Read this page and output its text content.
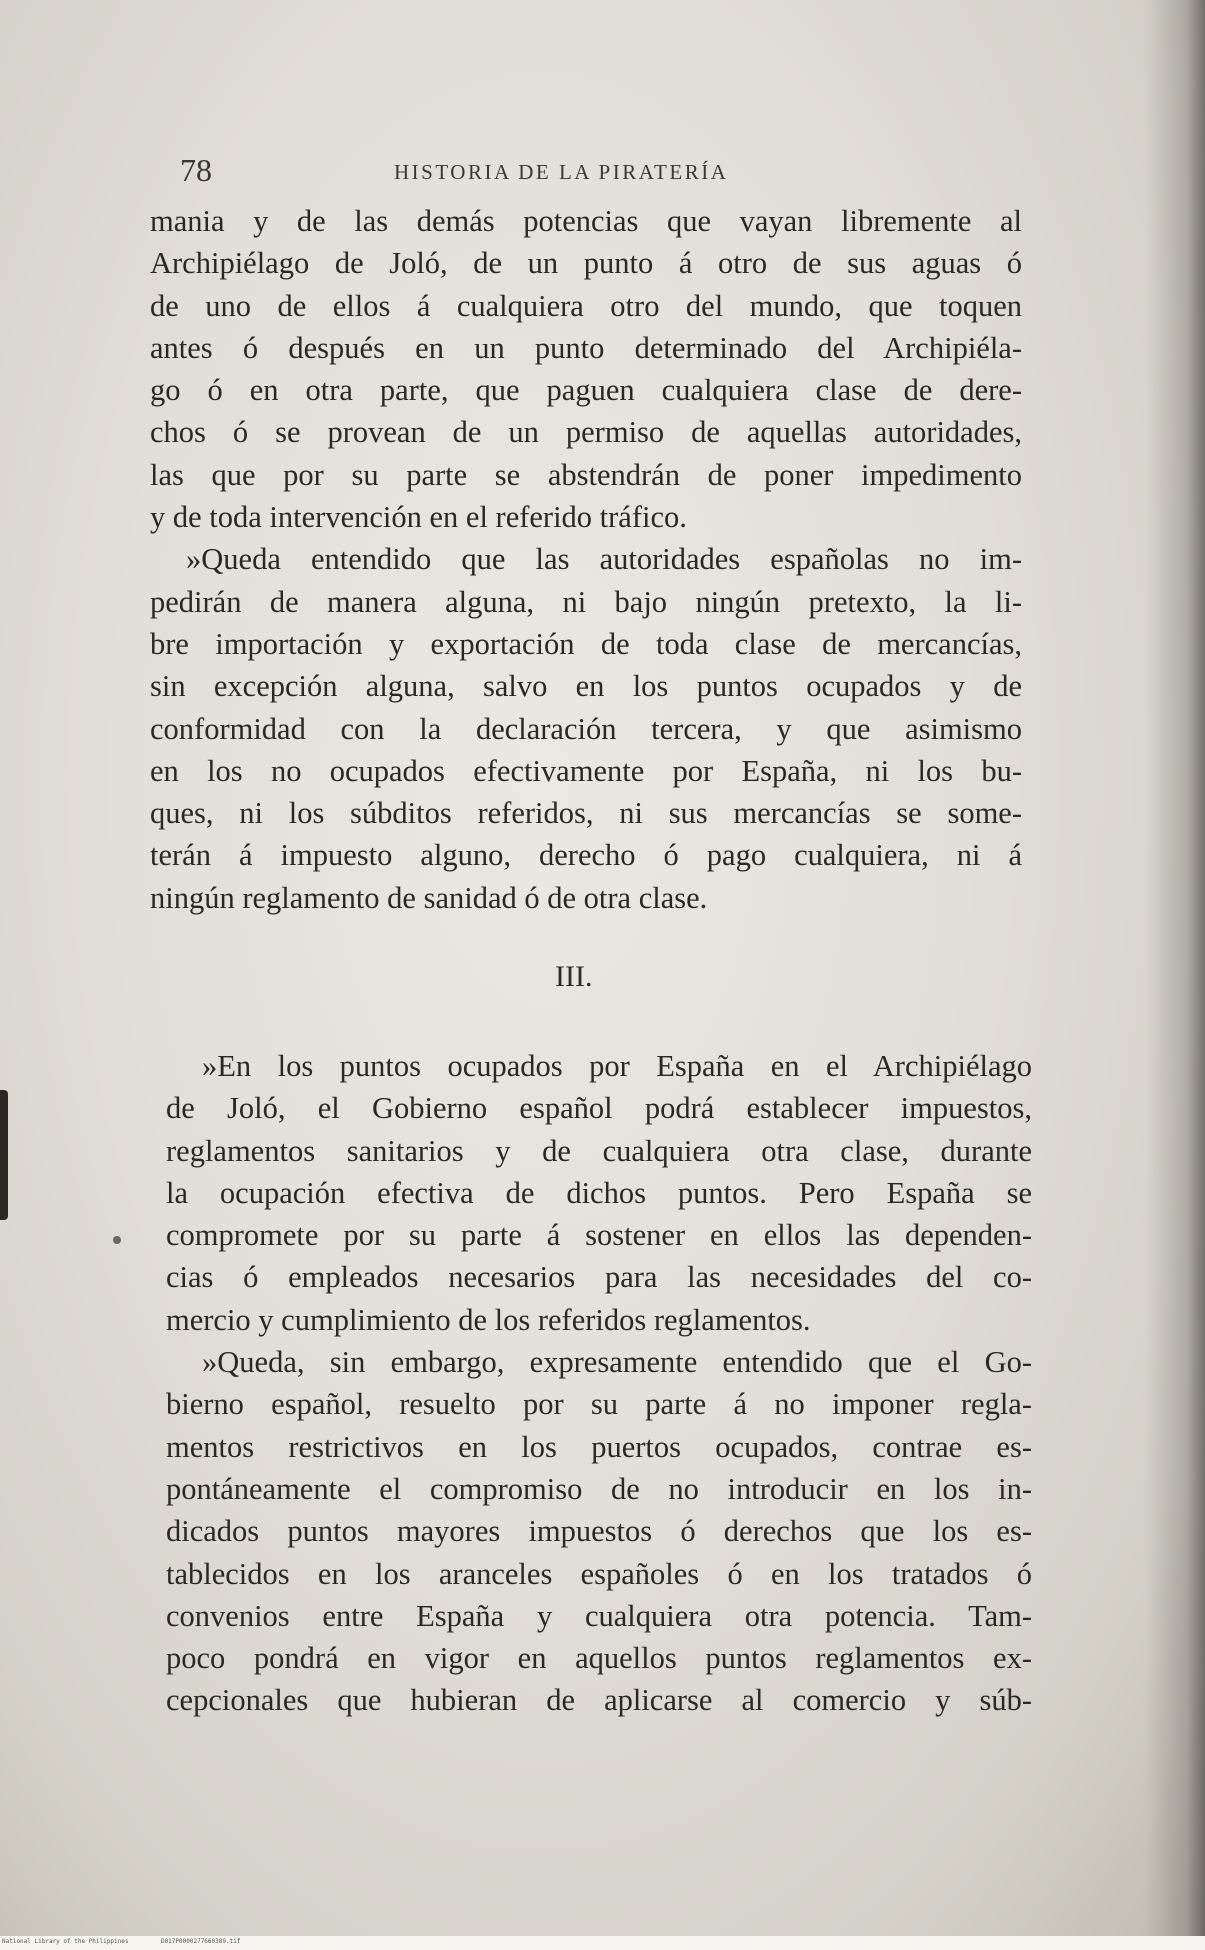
78	HISTORIA DE LA PIRATERÍA
mania y de las demás potencias que vayan libremente al
Archipiélago de Joló, de un punto á otro de sus aguas ó
de uno de ellos á cualquiera otro del mundo, que toquen
antes ó después en un punto determinado del Archipiéla-
go ó en otra parte, que paguen cualquiera clase de dere-
chos ó se provean de un permiso de aquellas autoridades,
las que por su parte se abstendrán de poner impedimento
y de toda intervención en el referido tráfico.
»Queda entendido que las autoridades españolas no im-
pedirán de manera alguna, ni bajo ningún pretexto, la li-
bre importación y exportación de toda clase de mercancías,
sin excepción alguna, salvo en los puntos ocupados y de
conformidad con la declaración tercera, y que asimismo
en los no ocupados efectivamente por España, ni los bu-
ques, ni los súbditos referidos, ni sus mercancías se some-
terán á impuesto alguno, derecho ó pago cualquiera, ni á
ningún reglamento de sanidad ó de otra clase.
III.
»En los puntos ocupados por España en el Archipiélago
de Joló, el Gobierno español podrá establecer impuestos,
reglamentos sanitarios y de cualquiera otra clase, durante
la ocupación efectiva de dichos puntos. Pero España se
compromete por su parte á sostener en ellos las dependen-
cias ó empleados necesarios para las necesidades del co-
mercio y cumplimiento de los referidos reglamentos.
»Queda, sin embargo, expresamente entendido que el Go-
bierno español, resuelto por su parte á no imponer regla-
mentos restrictivos en los puertos ocupados, contrae es-
pontáneamente el compromiso de no introducir en los in-
dicados puntos mayores impuestos ó derechos que los es-
tablecidos en los aranceles españoles ó en los tratados ó
convenios entre España y cualquiera otra potencia. Tam-
poco pondrá en vigor en aquellos puntos reglamentos ex-
cepcionales que hubieran de aplicarse al comercio y súb-
National Library of the Philippines	D017P0000277660389.tif
